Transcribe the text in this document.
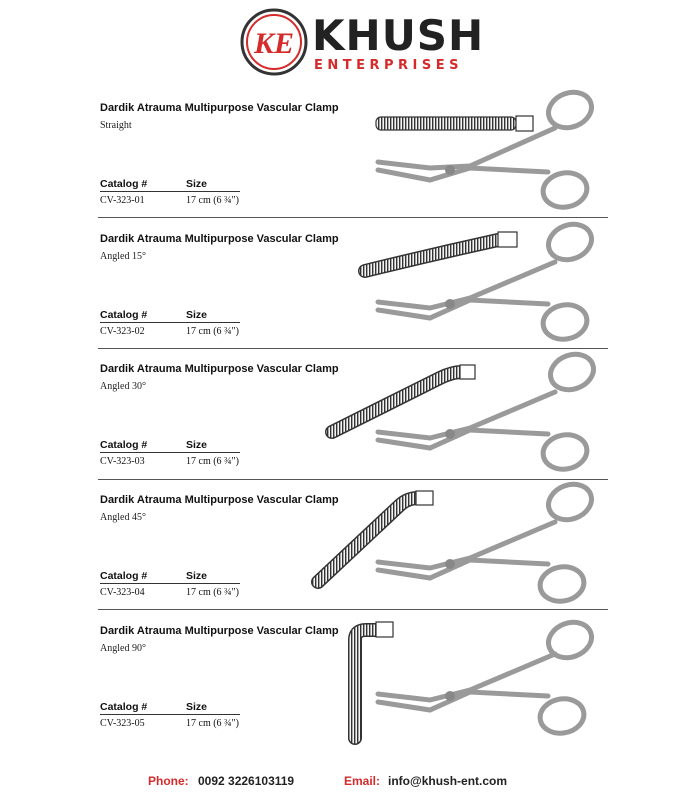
KE KHUSH
ENTERPRISES
Dardik Atrauma Multipurpose Vascular Clamp
Straight
Catalog #	Size
CV-323-01	17 cm (6 ¾")
Dardik Atrauma Multipurpose Vascular Clamp
Angled 15°
Catalog #	Size
CV-323-02	17 cm (6 ¾")
Dardik Atrauma Multipurpose Vascular Clamp
Angled 30°
Catalog #	Size
CV-323-03	17 cm (6 ¾")
Dardik Atrauma Multipurpose Vascular Clamp
Angled 45°
Catalog #	Size
CV-323-04	17 cm (6 ¾")
Dardik Atrauma Multipurpose Vascular Clamp
Angled 90°
Catalog #	Size
CV-323-05	17 cm (6 ¾")
Phone: 0092 3226103119	Email: info@khush-ent.com
